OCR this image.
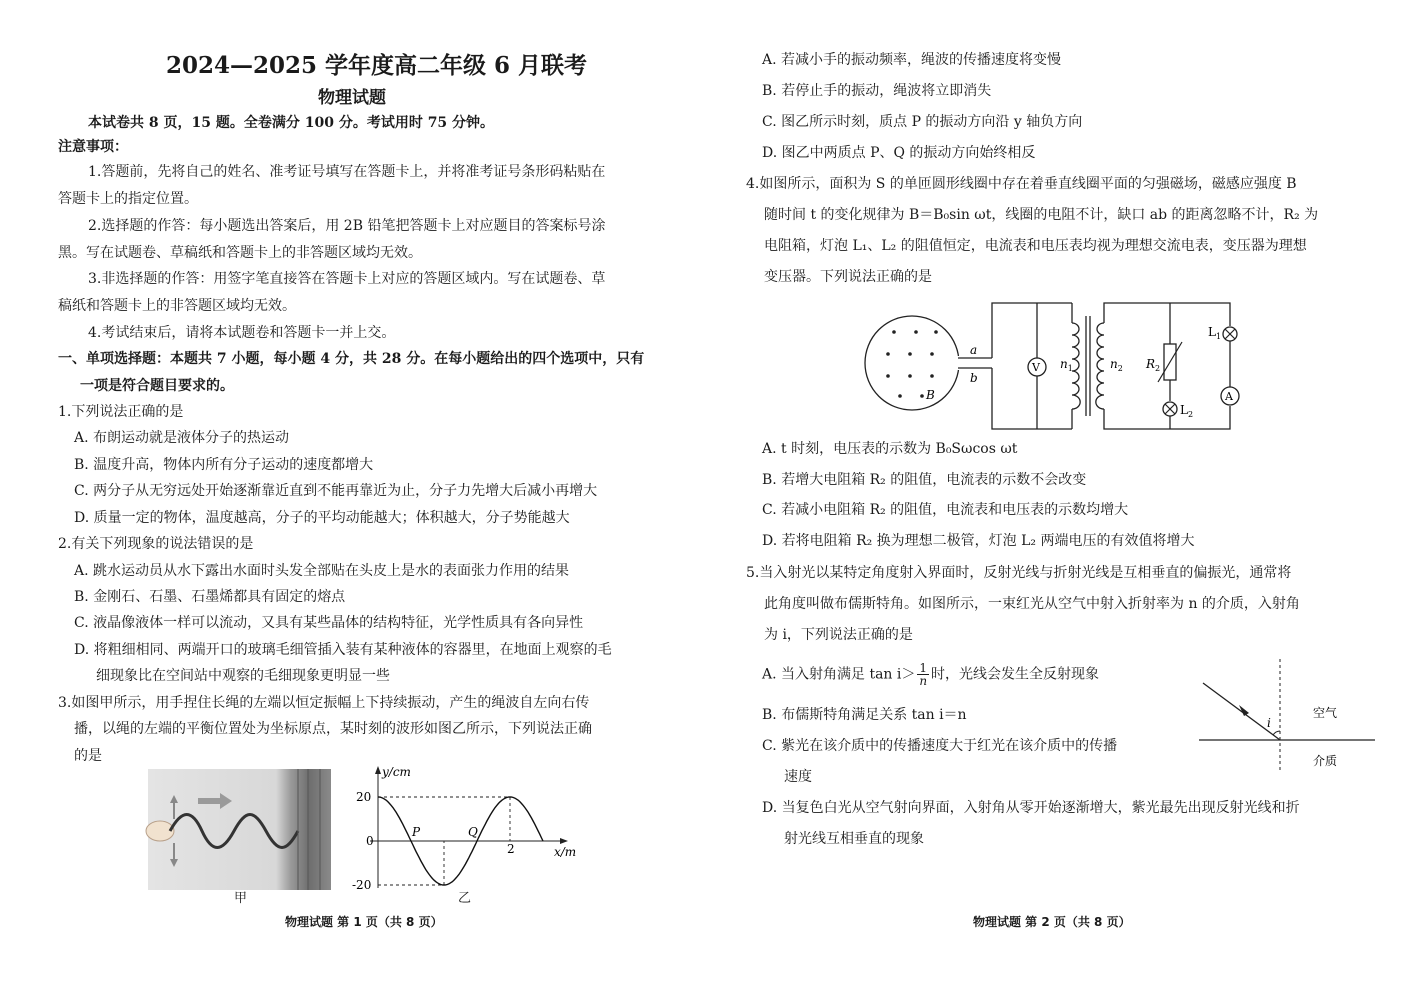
2024—2025 学年度高二年级 6 月联考
物理试题
本试卷共 8 页，15 题。全卷满分 100 分。考试用时 75 分钟。
注意事项：
1.答题前，先将自己的姓名、准考证号填写在答题卡上，并将准考证号条形码粘贴在
答题卡上的指定位置。
2.选择题的作答：每小题选出答案后，用 2B 铅笔把答题卡上对应题目的答案标号涂
黑。写在试题卷、草稿纸和答题卡上的非答题区域均无效。
3.非选择题的作答：用签字笔直接答在答题卡上对应的答题区域内。写在试题卷、草
稿纸和答题卡上的非答题区域均无效。
4.考试结束后，请将本试题卷和答题卡一并上交。
一、单项选择题：本题共 7 小题，每小题 4 分，共 28 分。在每小题给出的四个选项中，只有
一项是符合题目要求的。
1.下列说法正确的是
A. 布朗运动就是液体分子的热运动
B. 温度升高，物体内所有分子运动的速度都增大
C. 两分子从无穷远处开始逐渐靠近直到不能再靠近为止，分子力先增大后减小再增大
D. 质量一定的物体，温度越高，分子的平均动能越大；体积越大，分子势能越大
2.有关下列现象的说法错误的是
A. 跳水运动员从水下露出水面时头发全部贴在头皮上是水的表面张力作用的结果
B. 金刚石、石墨、石墨烯都具有固定的熔点
C. 液晶像液体一样可以流动，又具有某些晶体的结构特征，光学性质具有各向异性
D. 将粗细相同、两端开口的玻璃毛细管插入装有某种液体的容器里，在地面上观察的毛
细现象比在空间站中观察的毛细现象更明显一些
3.如图甲所示，用手捏住长绳的左端以恒定振幅上下持续振动，产生的绳波自左向右传
播，以绳的左端的平衡位置处为坐标原点，某时刻的波形如图乙所示，下列说法正确
的是
甲
y/cm
x/m
20
0
-20
2
P	Q
乙
物理试题 第 1 页（共 8 页）
A. 若减小手的振动频率，绳波的传播速度将变慢
B. 若停止手的振动，绳波将立即消失
C. 图乙所示时刻，质点 P 的振动方向沿 y 轴负方向
D. 图乙中两质点 P、Q 的振动方向始终相反
4.如图所示，面积为 S 的单匝圆形线圈中存在着垂直线圈平面的匀强磁场，磁感应强度 B
随时间 t 的变化规律为 B＝B₀sin ωt，线圈的电阻不计，缺口 ab 的距离忽略不计，R₂ 为
电阻箱，灯泡 L₁、L₂ 的阻值恒定，电流表和电压表均视为理想交流电表，变压器为理想
变压器。下列说法正确的是
B
a
b
V $n_1$	$n_2$ $R_2$
$L_2$
$L_1$
A
A. t 时刻，电压表的示数为 B₀Sωcos ωt
B. 若增大电阻箱 R₂ 的阻值，电流表的示数不会改变
C. 若减小电阻箱 R₂ 的阻值，电流表和电压表的示数均增大
D. 若将电阻箱 R₂ 换为理想二极管，灯泡 L₂ 两端电压的有效值将增大
5.当入射光以某特定角度射入界面时，反射光线与折射光线是互相垂直的偏振光，通常将
此角度叫做布儒斯特角。如图所示，一束红光从空气中射入折射率为 n 的介质，入射角
为 i，下列说法正确的是
A. 当入射角满足 $\tan i> \frac{1}{n}$ 时，光线会发生全反射现象
B. 布儒斯特角满足关系 tan i＝n
C. 紫光在该介质中的传播速度大于红光在该介质中的传播
速度
D. 当复色白光从空气射向界面，入射角从零开始逐渐增大，紫光最先出现反射光线和折
射光线互相垂直的现象
i
空气
介质
物理试题 第 2 页（共 8 页）
